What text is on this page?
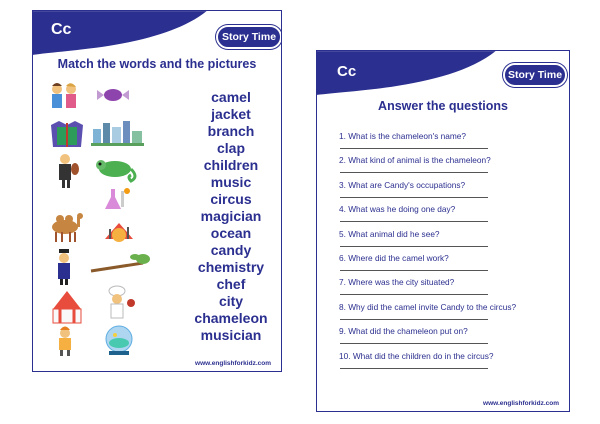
Cc	Story Time
Match the words and the pictures
camel
jacket
branch
clap
children
music
circus
magician
ocean
candy
chemistry
chef
city
chameleon
musician
www.englishforkidz.com
Cc	Story Time
Answer the questions
1. What is the chameleon's name?
2. What kind of animal is the chameleon?
3. What are Candy's occupations?
4. What was he doing one day?
5. What animal did he see?
6. Where did the camel work?
7. Where was the city situated?
8. Why did the camel invite Candy to the circus?
9. What did the chameleon put on?
10. What did the children do in the circus?
www.englishforkidz.com
